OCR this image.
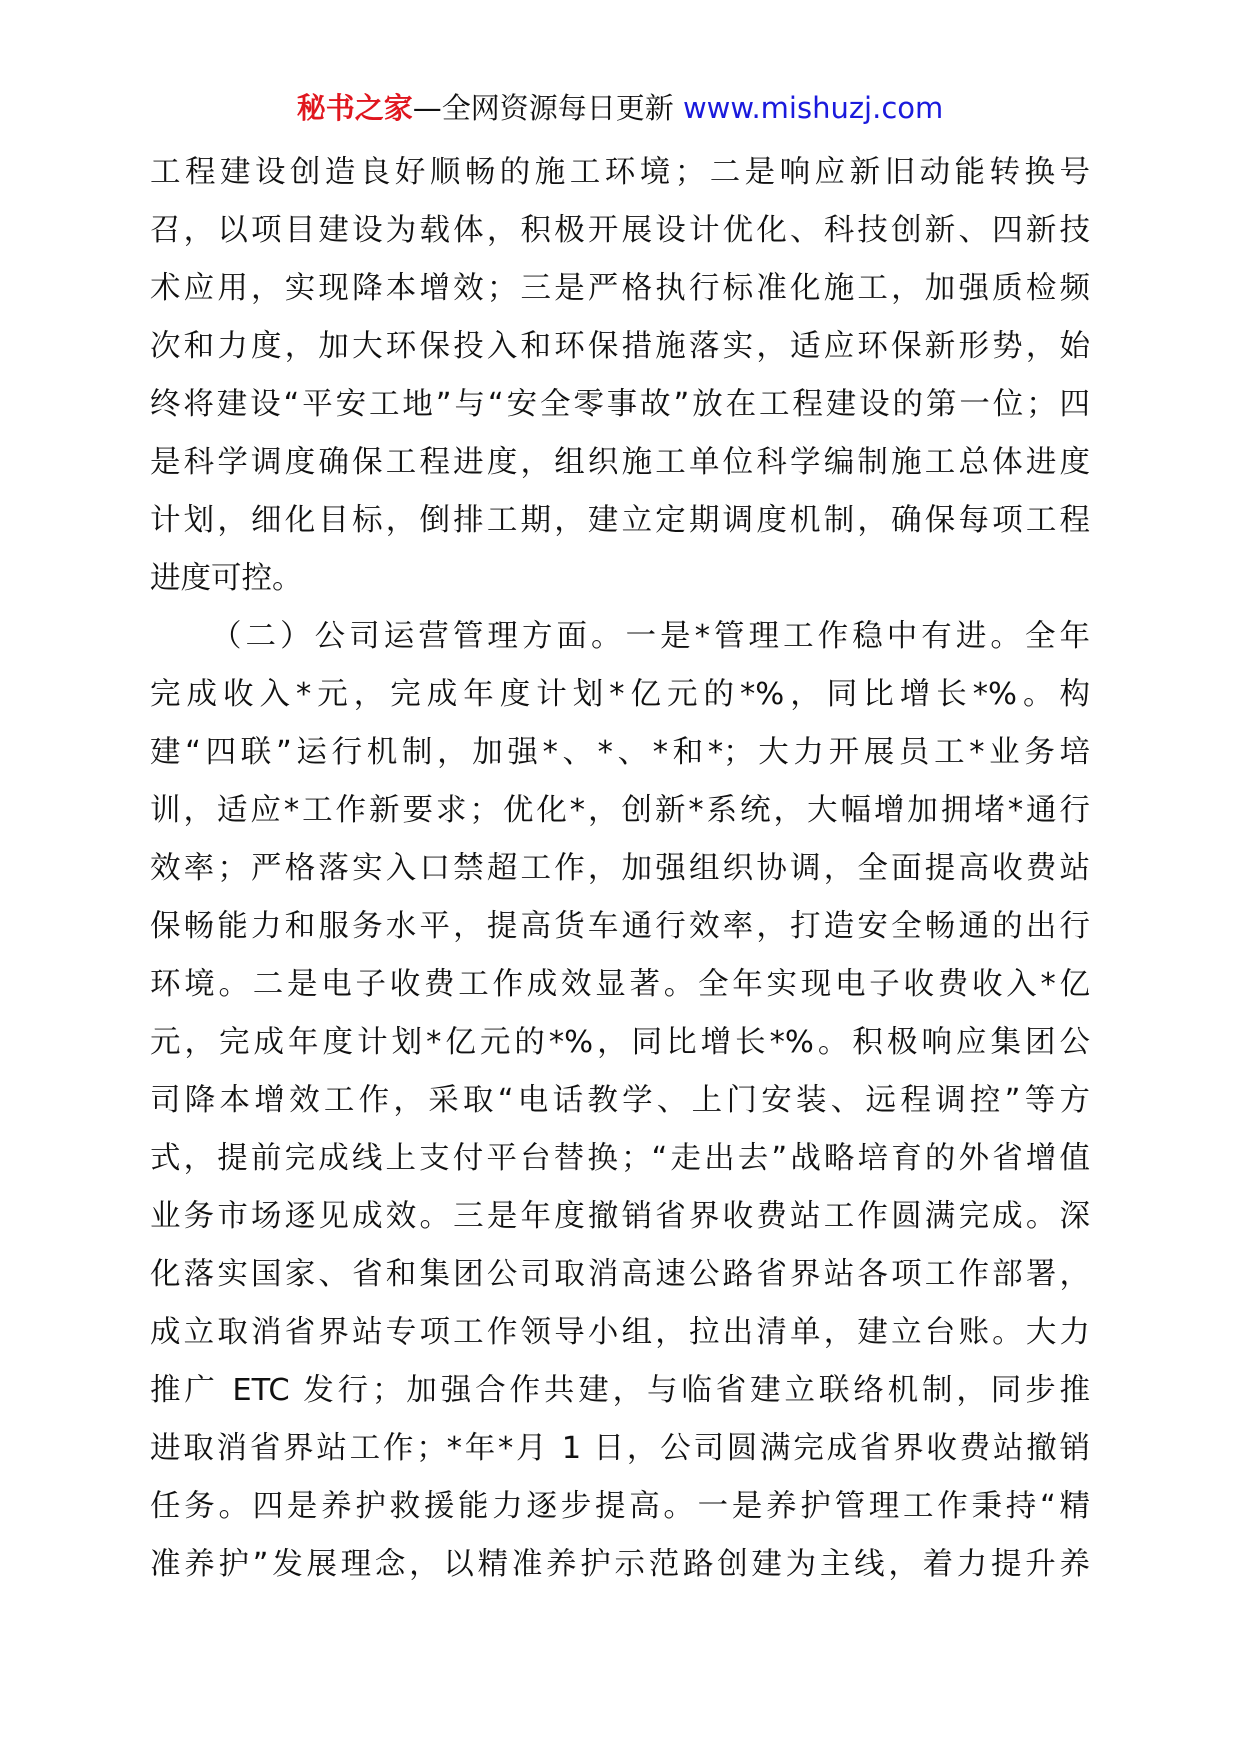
秘书之家—全网资源每日更新 www.mishuzj.com
工程建设创造良好顺畅的施工环境；二是响应新旧动能转换号
召，以项目建设为载体，积极开展设计优化、科技创新、四新技
术应用，实现降本增效；三是严格执行标准化施工，加强质检频
次和力度，加大环保投入和环保措施落实，适应环保新形势，始
终将建设“平安工地”与“安全零事故”放在工程建设的第一位；四
是科学调度确保工程进度，组织施工单位科学编制施工总体进度
计划，细化目标，倒排工期，建立定期调度机制，确保每项工程
进度可控。
（二）公司运营管理方面。一是*管理工作稳中有进。全年
完成收入*元，完成年度计划*亿元的*%，同比增长*%。构
建“四联”运行机制，加强*、*、*和*；大力开展员工*业务培
训，适应*工作新要求；优化*，创新*系统，大幅增加拥堵*通行
效率；严格落实入口禁超工作，加强组织协调，全面提高收费站
保畅能力和服务水平，提高货车通行效率，打造安全畅通的出行
环境。二是电子收费工作成效显著。全年实现电子收费收入*亿
元，完成年度计划*亿元的*%，同比增长*%。积极响应集团公
司降本增效工作，采取“电话教学、上门安装、远程调控”等方
式，提前完成线上支付平台替换；“走出去”战略培育的外省增值
业务市场逐见成效。三是年度撤销省界收费站工作圆满完成。深
化落实国家、省和集团公司取消高速公路省界站各项工作部署，
成立取消省界站专项工作领导小组，拉出清单，建立台账。大力
推广 ETC 发行；加强合作共建，与临省建立联络机制，同步推
进取消省界站工作；*年*月 1 日，公司圆满完成省界收费站撤销
任务。四是养护救援能力逐步提高。一是养护管理工作秉持“精
准养护”发展理念，以精准养护示范路创建为主线，着力提升养
